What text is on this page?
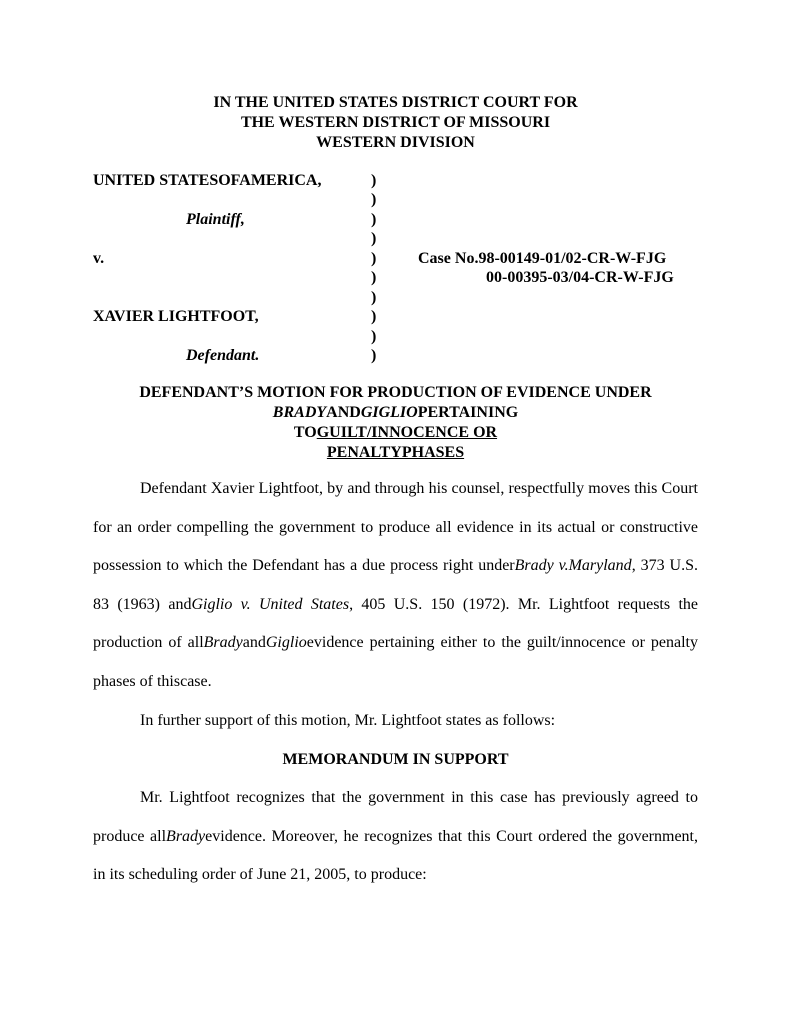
IN THE UNITED STATES DISTRICT COURT FOR
THE WESTERN DISTRICT OF MISSOURI
WESTERN DIVISION
UNITED STATESOFAMERICA,
Plaintiff,
v.
XAVIER LIGHTFOOT,
Defendant.
)
)
)
)
)
)
)
)
)
)
Case No.98-00149-01/02-CR-W-FJG
00-00395-03/04-CR-W-FJG
DEFENDANT’S MOTION FOR PRODUCTION OF EVIDENCE UNDER
BRADYANDGIGLIOPERTAINING
TOGUILT/INNOCENCE OR
PENALTYPHASES

Defendant Xavier Lightfoot, by and through his counsel, respectfully moves this Court for an order compelling the government to produce all evidence in its actual or constructive possession to which the Defendant has a due process right underBrady v.Maryland, 373 U.S. 83 (1963) andGiglio v. United States, 405 U.S. 150 (1972). Mr. Lightfoot requests the production of allBradyandGiglioevidence pertaining either to the guilt/innocence or penalty phases of thiscase.

In further support of this motion, Mr. Lightfoot states as follows:
MEMORANDUM IN SUPPORT

Mr. Lightfoot recognizes that the government in this case has previously agreed to produce allBradyevidence. Moreover, he recognizes that this Court ordered the government, in its scheduling order of June 21, 2005, to produce:
